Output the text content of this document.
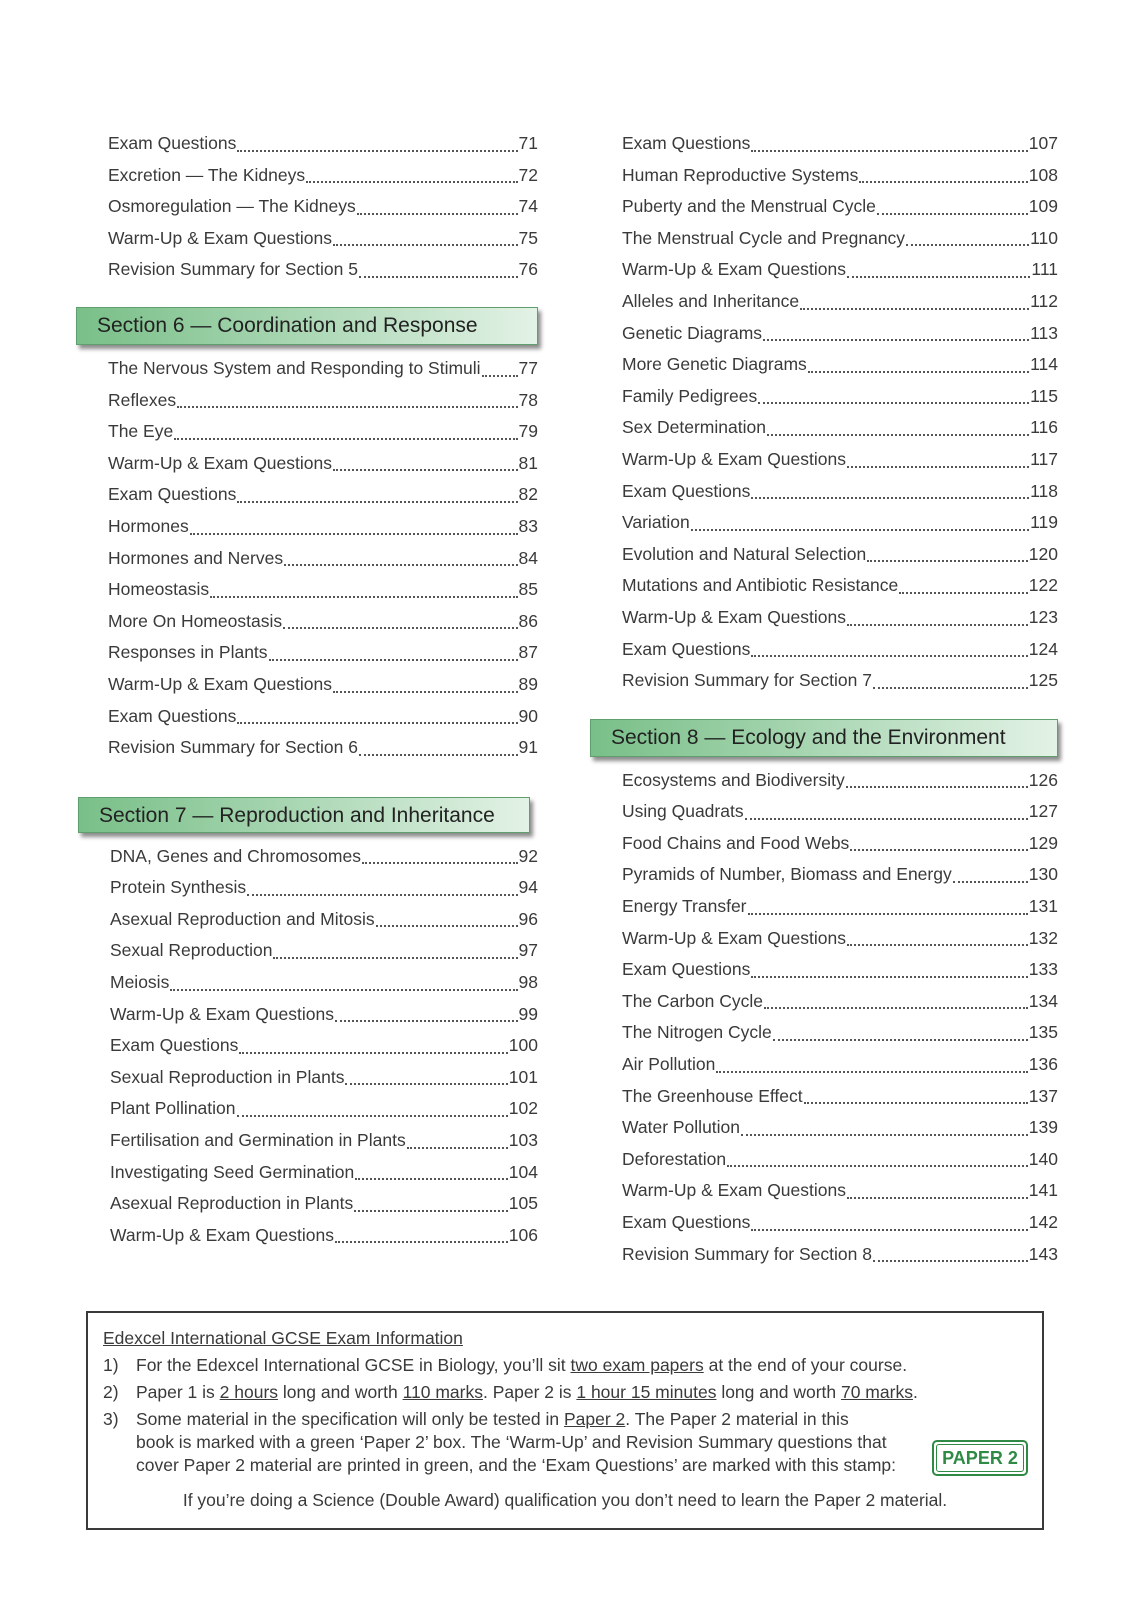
Exam Questions	71
Excretion — The Kidneys	72
Osmoregulation — The Kidneys	74
Warm-Up & Exam Questions	75
Revision Summary for Section 5	76
Section 6 — Coordination and Response
The Nervous System and Responding to Stimuli 77
Reflexes	78
The Eye	79
Warm-Up & Exam Questions	81
Exam Questions	82
Hormones	83
Hormones and Nerves	84
Homeostasis	85
More On Homeostasis	86
Responses in Plants	87
Warm-Up & Exam Questions	89
Exam Questions	90
Revision Summary for Section 6	91
Section 7 — Reproduction and Inheritance
DNA, Genes and Chromosomes	92
Protein Synthesis	94
Asexual Reproduction and Mitosis	96
Sexual Reproduction	97
Meiosis	98
Warm-Up & Exam Questions	99
Exam Questions	100
Sexual Reproduction in Plants	101
Plant Pollination	102
Fertilisation and Germination in Plants	103
Investigating Seed Germination	104
Asexual Reproduction in Plants	105
Warm-Up & Exam Questions	106
Exam Questions	107
Human Reproductive Systems	108
Puberty and the Menstrual Cycle	109
The Menstrual Cycle and Pregnancy	110
Warm-Up & Exam Questions	111
Alleles and Inheritance	112
Genetic Diagrams	113
More Genetic Diagrams	114
Family Pedigrees	115
Sex Determination	116
Warm-Up & Exam Questions	117
Exam Questions	118
Variation	119
Evolution and Natural Selection	120
Mutations and Antibiotic Resistance	122
Warm-Up & Exam Questions	123
Exam Questions	124
Revision Summary for Section 7	125
Section 8 — Ecology and the Environment
Ecosystems and Biodiversity	126
Using Quadrats	127
Food Chains and Food Webs	129
Pyramids of Number, Biomass and Energy	130
Energy Transfer	131
Warm-Up & Exam Questions	132
Exam Questions	133
The Carbon Cycle	134
The Nitrogen Cycle	135
Air Pollution	136
The Greenhouse Effect	137
Water Pollution	139
Deforestation	140
Warm-Up & Exam Questions	141
Exam Questions	142
Revision Summary for Section 8	143
Edexcel International GCSE Exam Information
1) For the Edexcel International GCSE in Biology, you’ll sit two exam papers at the end of your course.
2) Paper 1 is 2 hours long and worth 110 marks. Paper 2 is 1 hour 15 minutes long and worth 70 marks.
3) Some material in the specification will only be tested in Paper 2. The Paper 2 material in this
book is marked with a green ‘Paper 2’ box. The ‘Warm-Up’ and Revision Summary questions that
cover Paper 2 material are printed in green, and the ‘Exam Questions’ are marked with this stamp:	PAPER 2
If you’re doing a Science (Double Award) qualification you don’t need to learn the Paper 2 material.
